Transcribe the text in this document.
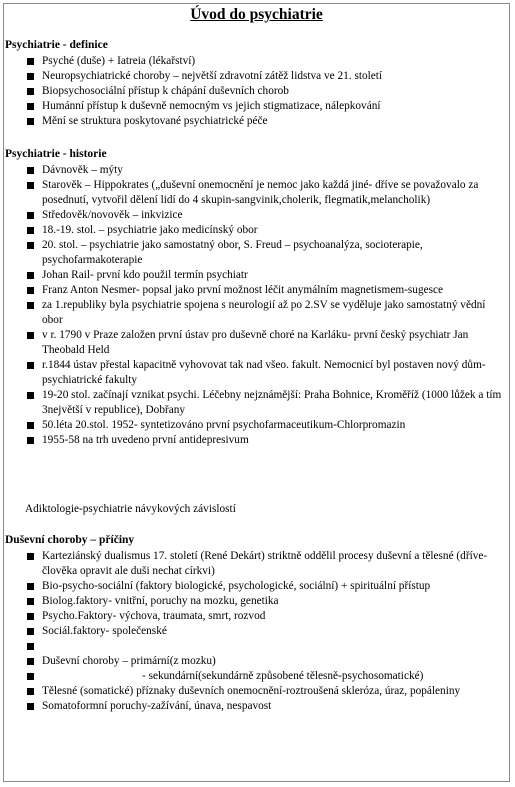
Úvod do psychiatrie
Psychiatrie - definice
Psyché (duše) + Iatreia (lékařství)
Neuropsychiatrické choroby – největší zdravotní zátěž lidstva ve 21. století
Biopsychosociální přístup k chápání duševních chorob
Humánní přístup k duševně nemocným vs jejich stigmatizace, nálepkování
Mění se struktura poskytované psychiatrické péče
Psychiatrie - historie
Dávnověk – mýty
Starověk – Hippokrates („duševní onemocnění je nemoc jako každá jiné- dříve se považovalo za posednutí, vytvořil dělení lidí do 4 skupin-sangvinik,cholerik, flegmatik,melancholik)
Středověk/novověk – inkvizice
18.-19. stol. – psychiatrie jako medicínský obor
20. stol. – psychiatrie jako samostatný obor, S. Freud – psychoanalýza, socioterapie, psychofarmakoterapie
Johan Rail- první kdo použil termín psychiatr
Franz Anton Nesmer- popsal jako první možnost léčit anymálním magnetismem-sugesce
za 1.republiky byla psychiatrie spojena s neurologií až po 2.SV se vyděluje jako samostatný vědní obor
v r. 1790 v Praze založen první ústav pro duševně choré na Karláku- první český psychiatr Jan Theobald Held
r.1844 ústav přestal kapacitně vyhovovat tak nad všeo. fakult. Nemocnicí byl postaven nový dům- psychiatrické fakulty
19-20 stol. začínají vznikat psychi. Léčebny nejznámější: Praha Bohnice, Kroměříž (1000 lůžek a tím 3největší v republice), Dobřany
50.léta 20.stol. 1952- syntetizováno první psychofarmaceutikum-Chlorpromazin
1955-58 na trh uvedeno první antidepresivum
Adiktologie-psychiatrie návykových závislostí
Duševní choroby – příčiny
Karteziánský dualismus 17. století (René Dekárt) striktně oddělil procesy duševní a tělesné (dříve- člověka opravit ale duši nechat církvi)
Bio-psycho-sociální (faktory biologické, psychologické, sociální) + spirituální přístup
Biolog.faktory- vnitřní, poruchy na mozku, genetika
Psycho.Faktory- výchova, traumata, smrt, rozvod
Sociál.faktory- společenské

Duševní choroby – primární(z mozku)
- sekundární(sekundárně způsobené tělesně-psychosomatické)
Tělesné (somatické) příznaky duševních onemocnění-roztroušená skleróza, úraz, popáleniny
Somatoformní poruchy-zažívání, únava, nespavost
